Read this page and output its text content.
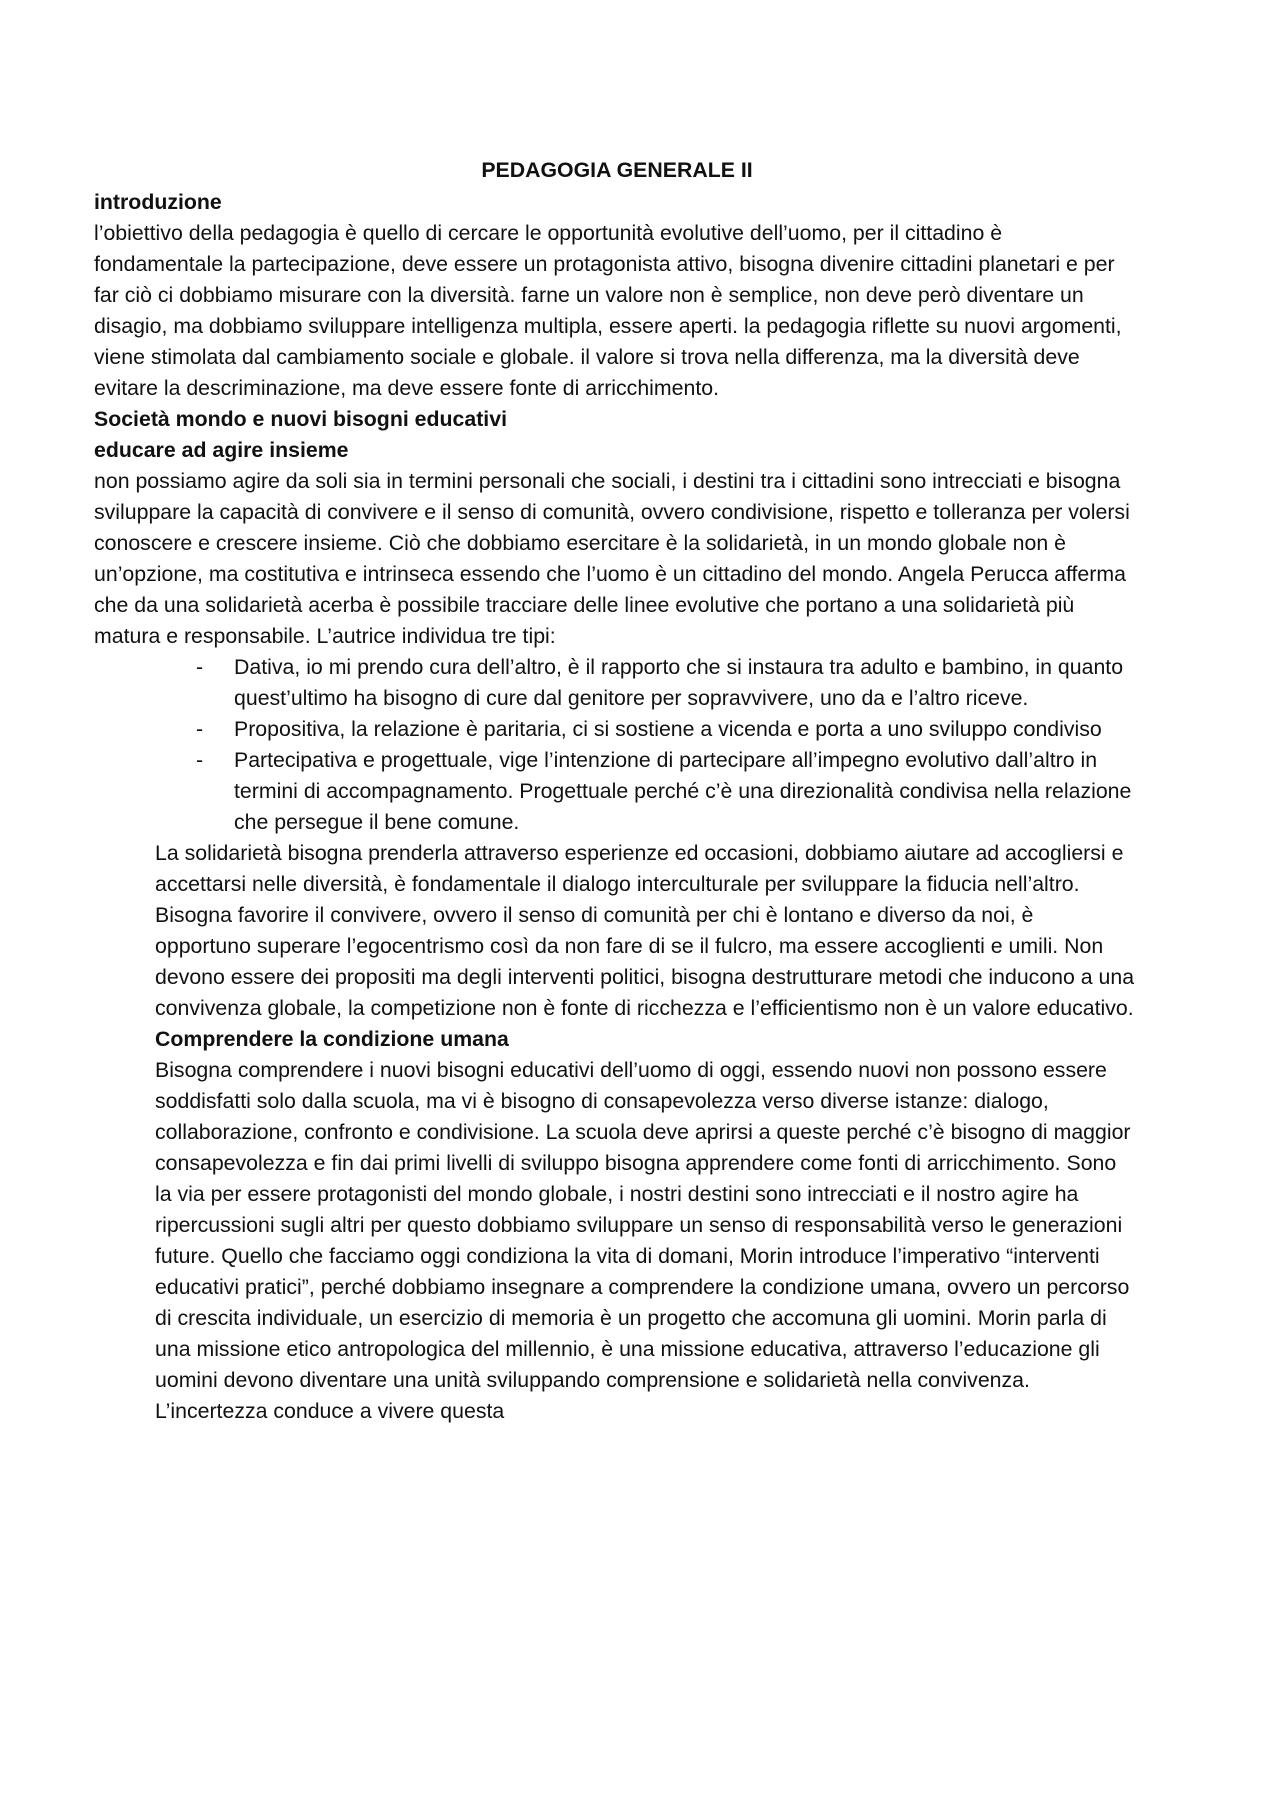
PEDAGOGIA GENERALE II

introduzione

l’obiettivo della pedagogia è quello di cercare le opportunità evolutive dell’uomo, per il cittadino è fondamentale la partecipazione, deve essere un protagonista attivo, bisogna divenire cittadini planetari e per far ciò ci dobbiamo misurare con la diversità. farne un valore non è semplice, non deve però diventare un disagio, ma dobbiamo sviluppare intelligenza multipla, essere aperti. la pedagogia riflette su nuovi argomenti, viene stimolata dal cambiamento sociale e globale. il valore si trova nella differenza, ma la diversità deve evitare la descriminazione, ma deve essere fonte di arricchimento.

Società mondo e nuovi bisogni educativi

educare ad agire insieme

non possiamo agire da soli sia in termini personali che sociali, i destini tra i cittadini sono intrecciati e bisogna sviluppare la capacità di convivere e il senso di comunità, ovvero condivisione, rispetto e tolleranza per volersi conoscere e crescere insieme. Ciò che dobbiamo esercitare è la solidarietà, in un mondo globale non è un’opzione, ma costitutiva e intrinseca essendo che l’uomo è un cittadino del mondo. Angela Perucca afferma che da una solidarietà acerba è possibile tracciare delle linee evolutive che portano a una solidarietà più matura e responsabile. L’autrice individua tre tipi:

- Dativa, io mi prendo cura dell’altro, è il rapporto che si instaura tra adulto e bambino, in quanto quest’ultimo ha bisogno di cure dal genitore per sopravvivere, uno da e l’altro riceve.
- Propositiva, la relazione è paritaria, ci si sostiene a vicenda e porta a uno sviluppo condiviso
- Partecipativa e progettuale, vige l’intenzione di partecipare all’impegno evolutivo dall’altro in termini di accompagnamento. Progettuale perché c’è una direzionalità condivisa nella relazione che persegue il bene comune.

La solidarietà bisogna prenderla attraverso esperienze ed occasioni, dobbiamo aiutare ad accogliersi e accettarsi nelle diversità, è fondamentale il dialogo interculturale per sviluppare la fiducia nell’altro. Bisogna favorire il convivere, ovvero il senso di comunità per chi è lontano e diverso da noi, è opportuno superare l’egocentrismo così da non fare di se il fulcro, ma essere accoglienti e umili. Non devono essere dei propositi ma degli interventi politici, bisogna destrutturare metodi che inducono a una convivenza globale, la competizione non è fonte di ricchezza e l’efficientismo non è un valore educativo.

Comprendere la condizione umana

Bisogna comprendere i nuovi bisogni educativi dell’uomo di oggi, essendo nuovi non possono essere soddisfatti solo dalla scuola, ma vi è bisogno di consapevolezza verso diverse istanze: dialogo, collaborazione, confronto e condivisione. La scuola deve aprirsi a queste perché c’è bisogno di maggior consapevolezza e fin dai primi livelli di sviluppo bisogna apprendere come fonti di arricchimento. Sono la via per essere protagonisti del mondo globale, i nostri destini sono intrecciati e il nostro agire ha ripercussioni sugli altri per questo dobbiamo sviluppare un senso di responsabilità verso le generazioni future. Quello che facciamo oggi condiziona la vita di domani, Morin introduce l’imperativo “interventi educativi pratici”, perché dobbiamo insegnare a comprendere la condizione umana, ovvero un percorso di crescita individuale, un esercizio di memoria è un progetto che accomuna gli uomini. Morin parla di una missione etico antropologica del millennio, è una missione educativa, attraverso l’educazione gli uomini devono diventare una unità sviluppando comprensione e solidarietà nella convivenza. L’incertezza conduce a vivere questa
